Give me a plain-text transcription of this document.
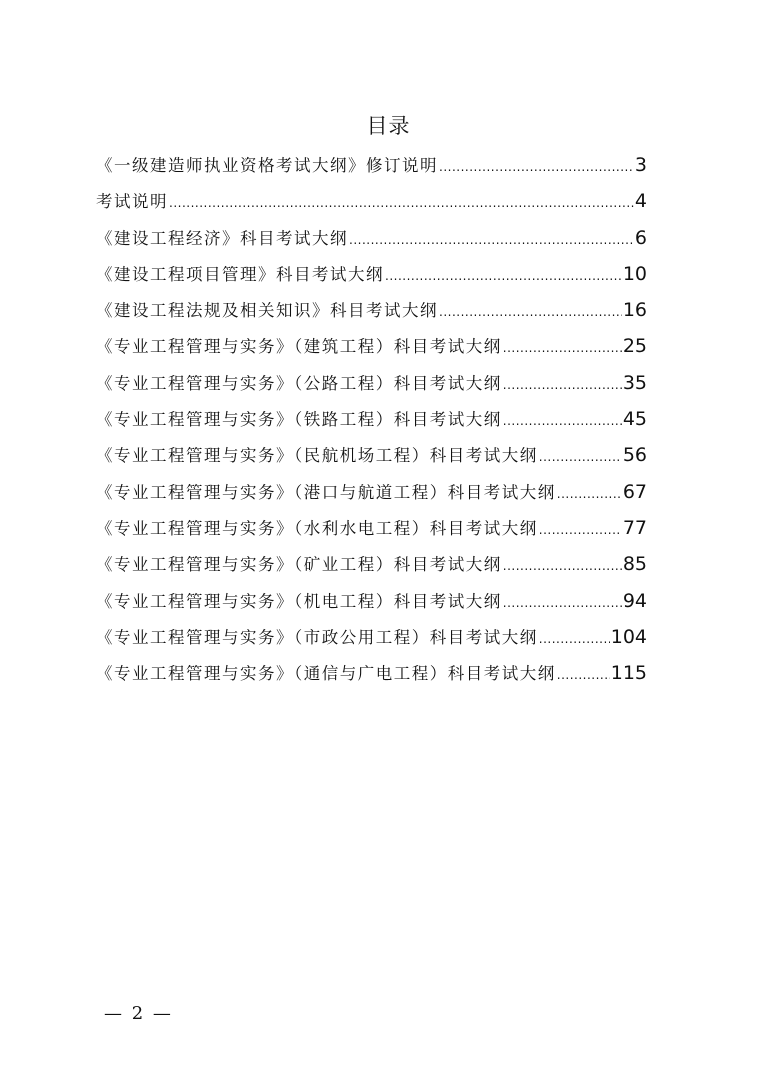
目录
《一级建造师执业资格考试大纲》修订说明 .....	3
考试说明 .....	4
《建设工程经济》科目考试大纲 .....	6
《建设工程项目管理》科目考试大纲 .....	10
《建设工程法规及相关知识》科目考试大纲 .....	16
《专业工程管理与实务》（建筑工程）科目考试大纲 .....	25
《专业工程管理与实务》（公路工程）科目考试大纲 .....	35
《专业工程管理与实务》（铁路工程）科目考试大纲 .....	45
《专业工程管理与实务》（民航机场工程）科目考试大纲 .....	56
《专业工程管理与实务》（港口与航道工程）科目考试大纲 .....	67
《专业工程管理与实务》（水利水电工程）科目考试大纲 .....	77
《专业工程管理与实务》（矿业工程）科目考试大纲 .....	85
《专业工程管理与实务》（机电工程）科目考试大纲 .....	94
《专业工程管理与实务》（市政公用工程）科目考试大纲 .....	104
《专业工程管理与实务》（通信与广电工程）科目考试大纲 .....	115
— 2 —
